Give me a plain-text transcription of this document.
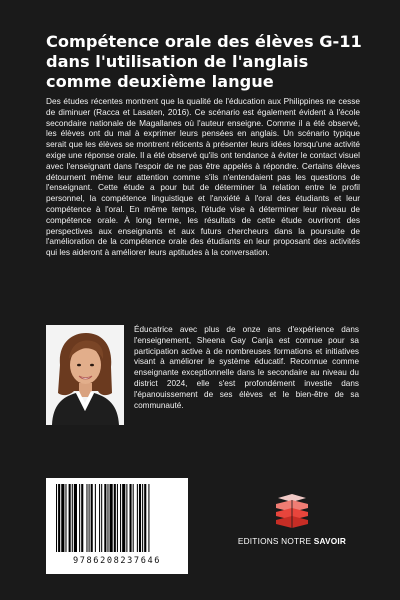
Compétence orale des élèves G-11 dans l'utilisation de l'anglais comme deuxième langue
Des études récentes montrent que la qualité de l'éducation aux Philippines ne cesse de diminuer (Racca et Lasaten, 2016). Ce scénario est également évident à l'école secondaire nationale de Magallanes où l'auteur enseigne. Comme il a été observé, les élèves ont du mal à exprimer leurs pensées en anglais. Un scénario typique serait que les élèves se montrent réticents à présenter leurs idées lorsqu'une activité exige une réponse orale. Il a été observé qu'ils ont tendance à éviter le contact visuel avec l'enseignant dans l'espoir de ne pas être appelés à répondre. Certains élèves détournent même leur attention comme s'ils n'entendaient pas les questions de l'enseignant. Cette étude a pour but de déterminer la relation entre le profil personnel, la compétence linguistique et l'anxiété à l'oral des étudiants et leur compétence à l'oral. En même temps, l'étude vise à déterminer leur niveau de compétence orale. À long terme, les résultats de cette étude ouvriront des perspectives aux enseignants et aux futurs chercheurs dans la poursuite de l'amélioration de la compétence orale des étudiants en leur proposant des activités qui les aideront à améliorer leurs aptitudes à la conversation.
Éducatrice avec plus de onze ans d'expérience dans l'enseignement, Sheena Gay Canja est connue pour sa participation active à de nombreuses formations et initiatives visant à améliorer le système éducatif. Reconnue comme enseignante exceptionnelle dans le secondaire au niveau du district 2024, elle s'est profondément investie dans l'épanouissement de ses élèves et le bien-être de sa communauté.
9786208237646
EDITIONS NOTRE SAVOIR
